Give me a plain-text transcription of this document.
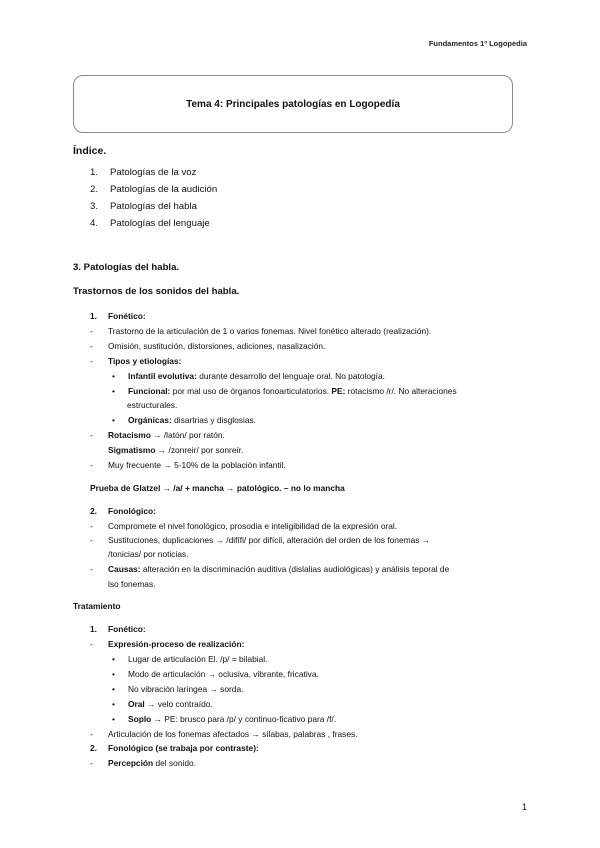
Fundamentos 1º Logopedia
Tema 4: Principales patologías en Logopedía
Índice.
1. Patologías de la voz
2. Patologías de la audición
3. Patologías del habla
4. Patologías del lenguaje
3. Patologías del habla.
Trastornos de los sonidos del habla.
1. Fonético:
- Trastorno de la articulación de 1 o varios fonemas. Nivel fonético alterado (realización).
- Omisión, sustitución, distorsiones, adiciones, nasalización.
- Tipos y etiologías:
• Infantil evolutiva: durante desarrollo del lenguaje oral. No patología.
• Funcional: por mal uso de órganos fonoarticulatorios. PE: rotacismo /r/. No alteraciones
estructurales.
• Orgánicas: disartrias y disglosias.
- Rotacismo → /latón/ por ratón.
Sigmatismo → /zonreir/ por sonreír.
- Muy frecuente → 5-10% de la población infantil.
Prueba de Glatzel → /a/ + mancha → patológico. – no lo mancha
2. Fonológico:
- Compromete el nivel fonológico, prosodia e inteligibilidad de la expresión oral.
- Sustituciones, duplicaciones → /difífi/ por difícil, alteración del orden de los fonemas →
/tonicias/ por noticias.
- Causas: alteración en la discriminación auditiva (dislalias audiológicas) y análisis teporal de
lso fonemas.
Tratamiento
1. Fonético:
- Expresión-proceso de realización:
• Lugar de articulación El. /p/ = bilabial.
• Modo de articulación → oclusiva, vibrante, fricativa.
• No vibración laríngea → sorda.
• Oral → velo contraído.
• Soplo → PE: brusco para /p/ y continuo-ficativo para /f/.
- Articulación de los fonemas afectados → sílabas, palabras , frases.
2. Fonológico (se trabaja por contraste):
- Percepción del sonido.
1
